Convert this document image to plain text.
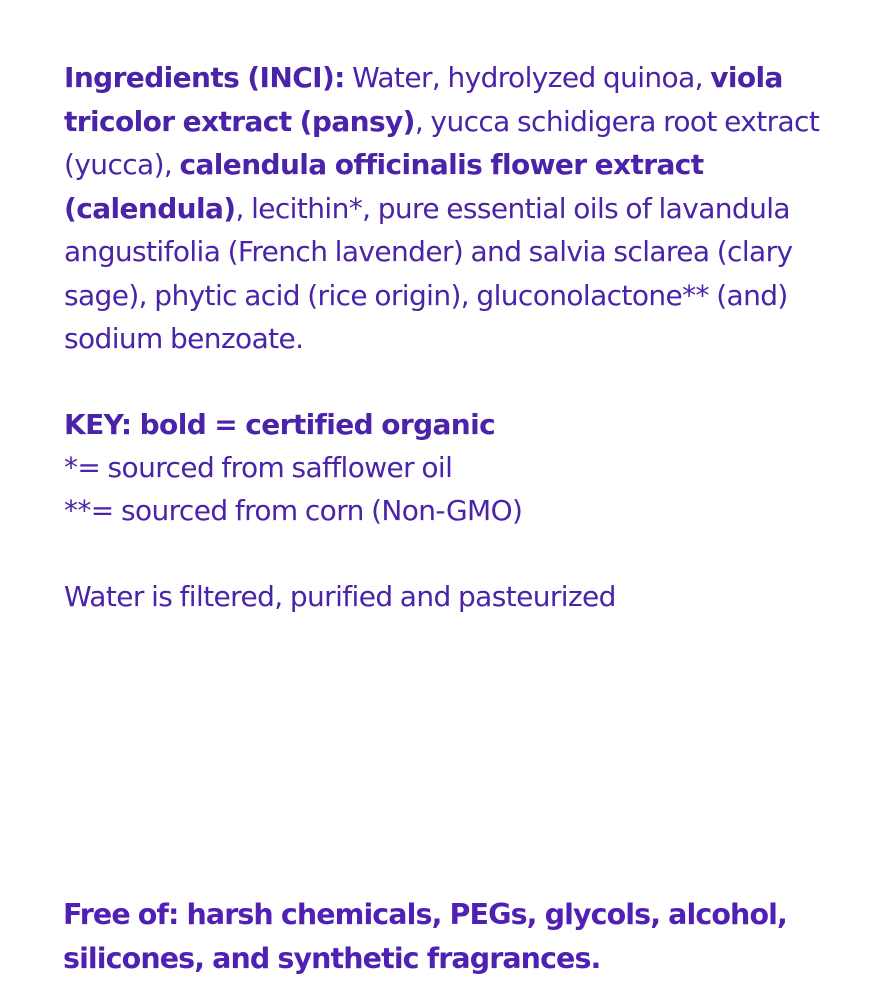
Ingredients (INCI): Water, hydrolyzed quinoa, viola tricolor extract (pansy), yucca schidigera root extract (yucca), calendula officinalis flower extract (calendula), lecithin*, pure essential oils of lavandula angustifolia (French lavender) and salvia sclarea (clary sage), phytic acid (rice origin), gluconolactone** (and) sodium benzoate.

KEY: bold = certified organic
*= sourced from safflower oil
**= sourced from corn (Non-GMO)
Water is filtered, purified and pasteurized
Free of: harsh chemicals, PEGs, glycols, alcohol,
silicones, and synthetic fragrances.
